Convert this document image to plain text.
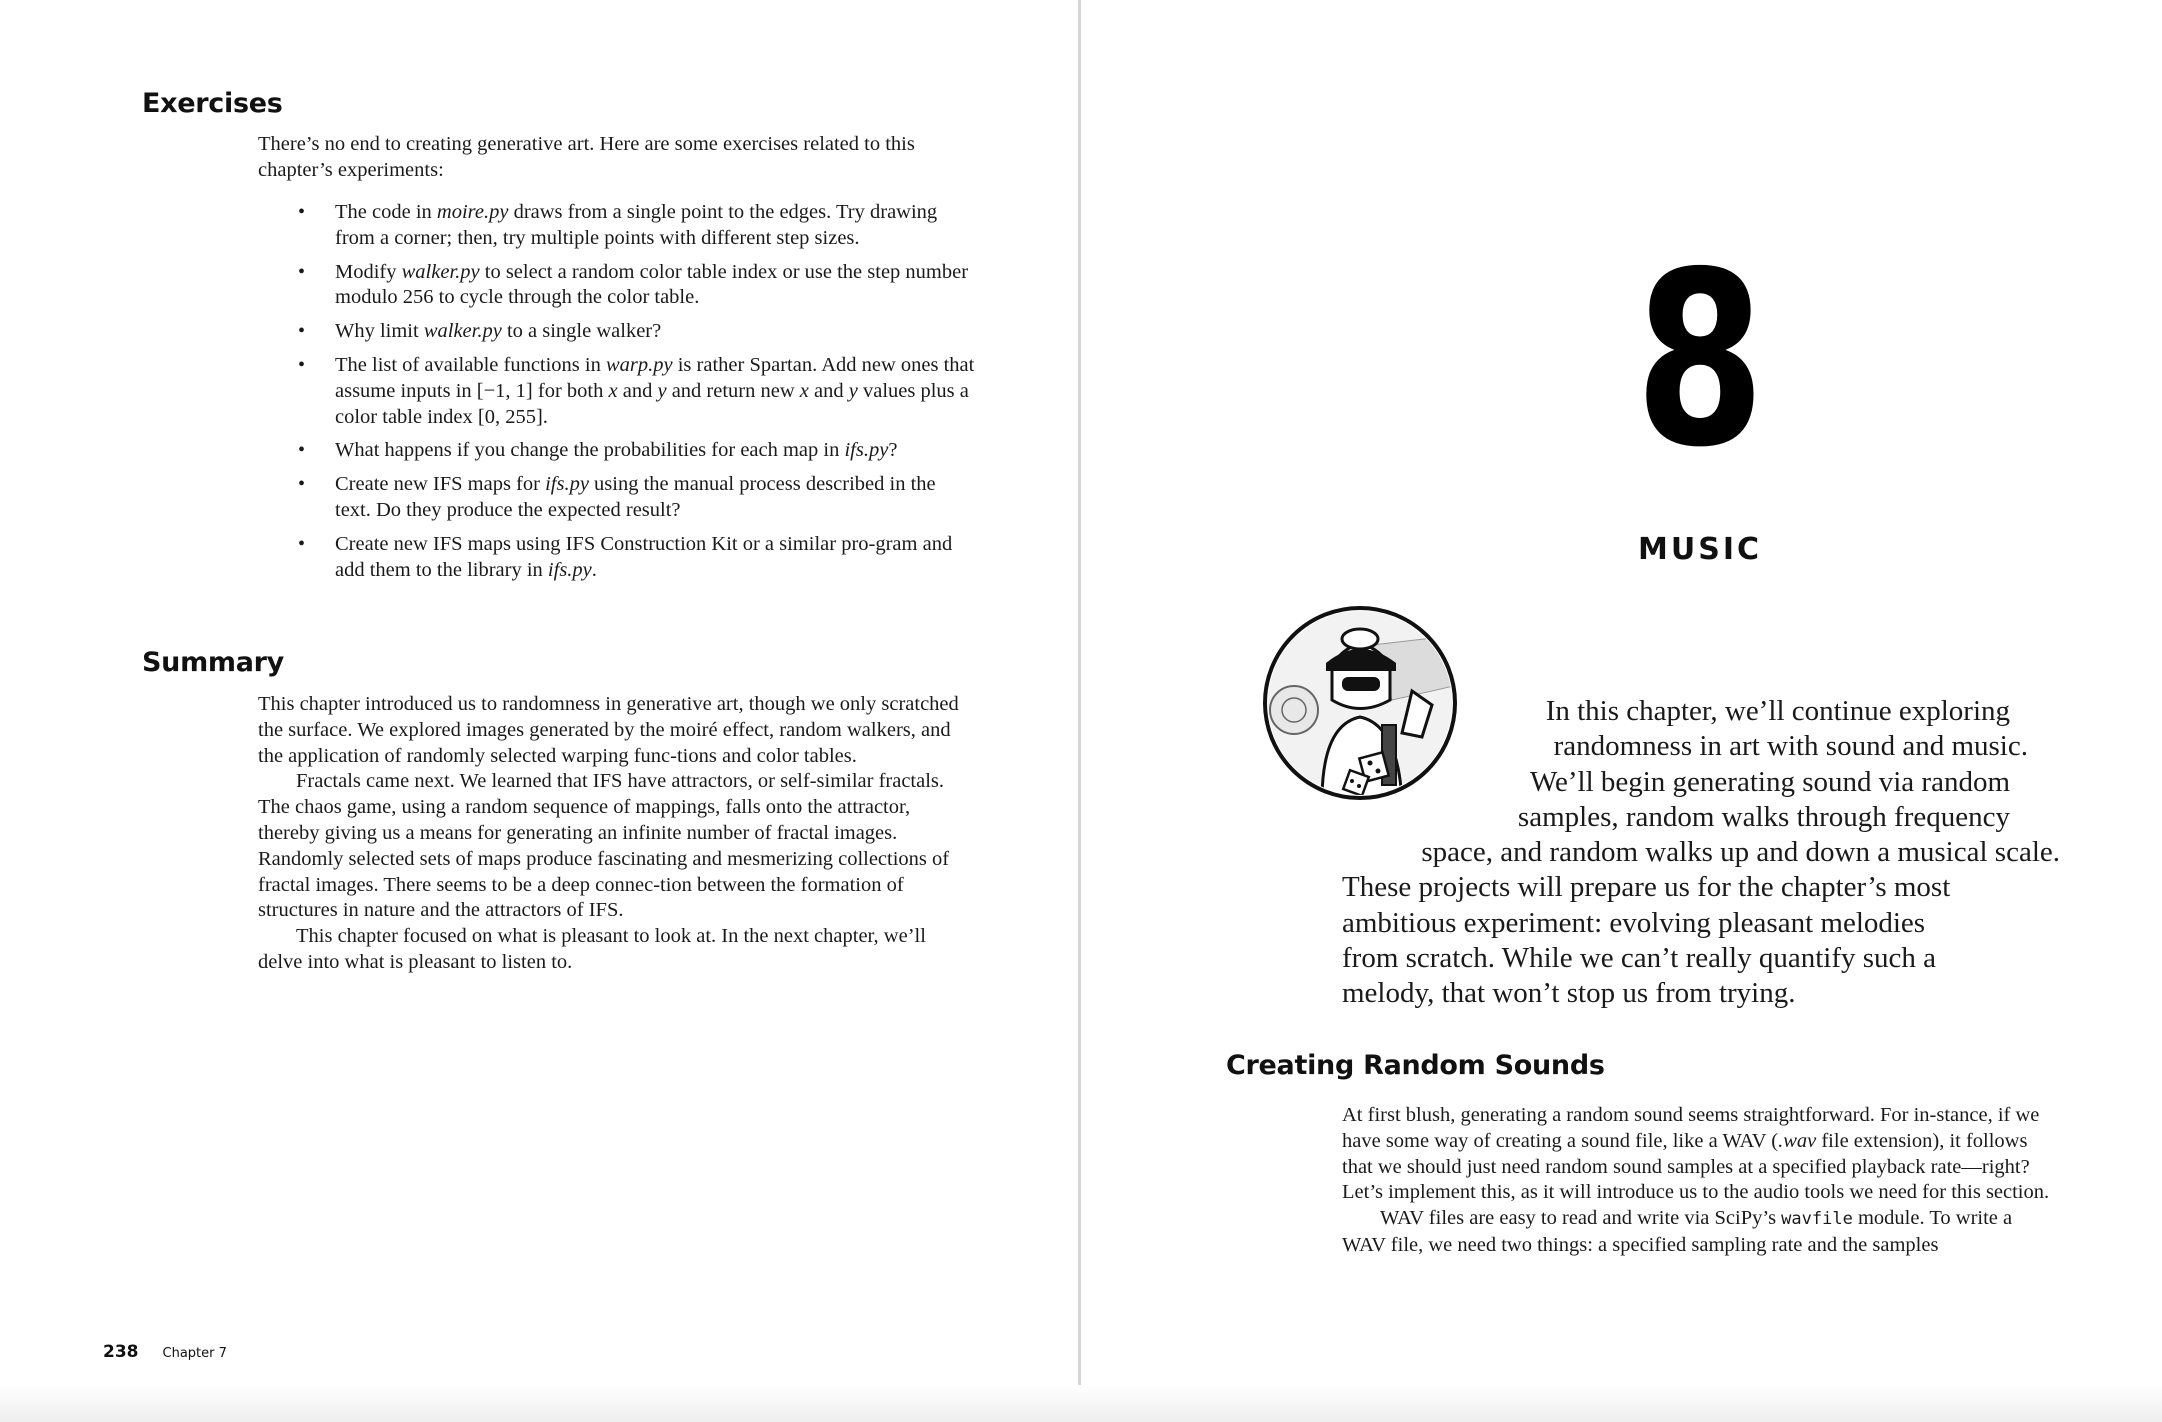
Exercises

There’s no end to creating generative art. Here are some exercises related to this chapter’s experiments:

• The code in moire.py draws from a single point to the edges. Try drawing from a corner; then, try multiple points with different step sizes.
• Modify walker.py to select a random color table index or use the step number modulo 256 to cycle through the color table.
• Why limit walker.py to a single walker?
• The list of available functions in warp.py is rather Spartan. Add new ones that assume inputs in [−1, 1] for both x and y and return new x and y values plus a color table index [0, 255].
• What happens if you change the probabilities for each map in ifs.py?
• Create new IFS maps for ifs.py using the manual process described in the text. Do they produce the expected result?
• Create new IFS maps using IFS Construction Kit or a similar pro-gram and add them to the library in ifs.py.
Summary

This chapter introduced us to randomness in generative art, though we only scratched the surface. We explored images generated by the moiré effect, random walkers, and the application of randomly selected warping func-tions and color tables.

Fractals came next. We learned that IFS have attractors, or self-similar fractals. The chaos game, using a random sequence of mappings, falls onto the attractor, thereby giving us a means for generating an infinite number of fractal images. Randomly selected sets of maps produce fascinating and mesmerizing collections of fractal images. There seems to be a deep connec-tion between the formation of structures in nature and the attractors of IFS.

This chapter focused on what is pleasant to look at. In the next chapter, we’ll delve into what is pleasant to listen to.

238 Chapter 7
8
MUSIC
In this chapter, we’ll continue exploring
randomness in art with sound and music.
We’ll begin generating sound via random
samples, random walks through frequency
space, and random walks up and down a musical scale.
These projects will prepare us for the chapter’s most
ambitious experiment: evolving pleasant melodies
from scratch. While we can’t really quantify such a
melody, that won’t stop us from trying.
Creating Random Sounds

At first blush, generating a random sound seems straightforward. For in-stance, if we have some way of creating a sound file, like a WAV (.wav file extension), it follows that we should just need random sound samples at a specified playback rate—right? Let’s implement this, as it will introduce us to the audio tools we need for this section.

WAV files are easy to read and write via SciPy’s wavfile module. To write a WAV file, we need two things: a specified sampling rate and the samples
